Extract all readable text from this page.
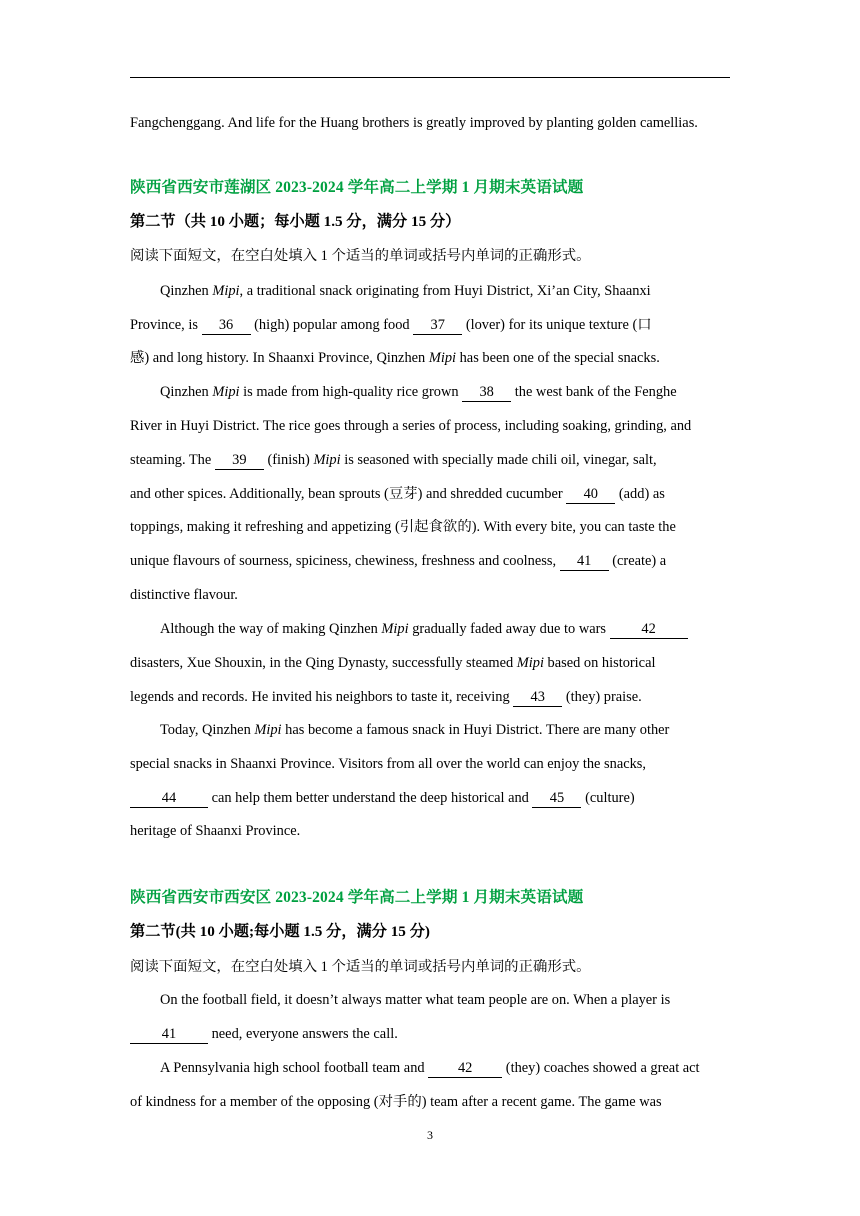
Fangchenggang. And life for the Huang brothers is greatly improved by planting golden camellias.
陕西省西安市莲湖区 2023-2024 学年高二上学期 1 月期末英语试题
第二节（共 10 小题；每小题 1.5 分，满分 15 分）
阅读下面短文，在空白处填入 1 个适当的单词或括号内单词的正确形式。
Qinzhen Mipi, a traditional snack originating from Huyi District, Xi’an City, Shaanxi
Province, is 36 (high) popular among food 37 (lover) for its unique texture (口
感) and long history. In Shaanxi Province, Qinzhen Mipi has been one of the special snacks.
Qinzhen Mipi is made from high-quality rice grown 38 the west bank of the Fenghe
River in Huyi District. The rice goes through a series of process, including soaking, grinding, and
steaming. The 39 (finish) Mipi is seasoned with specially made chili oil, vinegar, salt,
and other spices. Additionally, bean sprouts (豆芽) and shredded cucumber 40 (add) as
toppings, making it refreshing and appetizing (引起食欲的). With every bite, you can taste the
unique flavours of sourness, spiciness, chewiness, freshness and coolness, 41 (create) a
distinctive flavour.
Although the way of making Qinzhen Mipi gradually faded away due to wars 42
disasters, Xue Shouxin, in the Qing Dynasty, successfully steamed Mipi based on historical
legends and records. He invited his neighbors to taste it, receiving 43 (they) praise.
Today, Qinzhen Mipi has become a famous snack in Huyi District. There are many other
special snacks in Shaanxi Province. Visitors from all over the world can enjoy the snacks,
44 can help them better understand the deep historical and 45 (culture)
heritage of Shaanxi Province.
陕西省西安市西安区 2023-2024 学年高二上学期 1 月期末英语试题
第二节(共 10 小题;每小题 1.5 分，满分 15 分)
阅读下面短文，在空白处填入 1 个适当的单词或括号内单词的正确形式。
On the football field, it doesn’t always matter what team people are on. When a player is
41 need, everyone answers the call.
A Pennsylvania high school football team and 42 (they) coaches showed a great act
of kindness for a member of the opposing (对手的) team after a recent game. The game was
3
